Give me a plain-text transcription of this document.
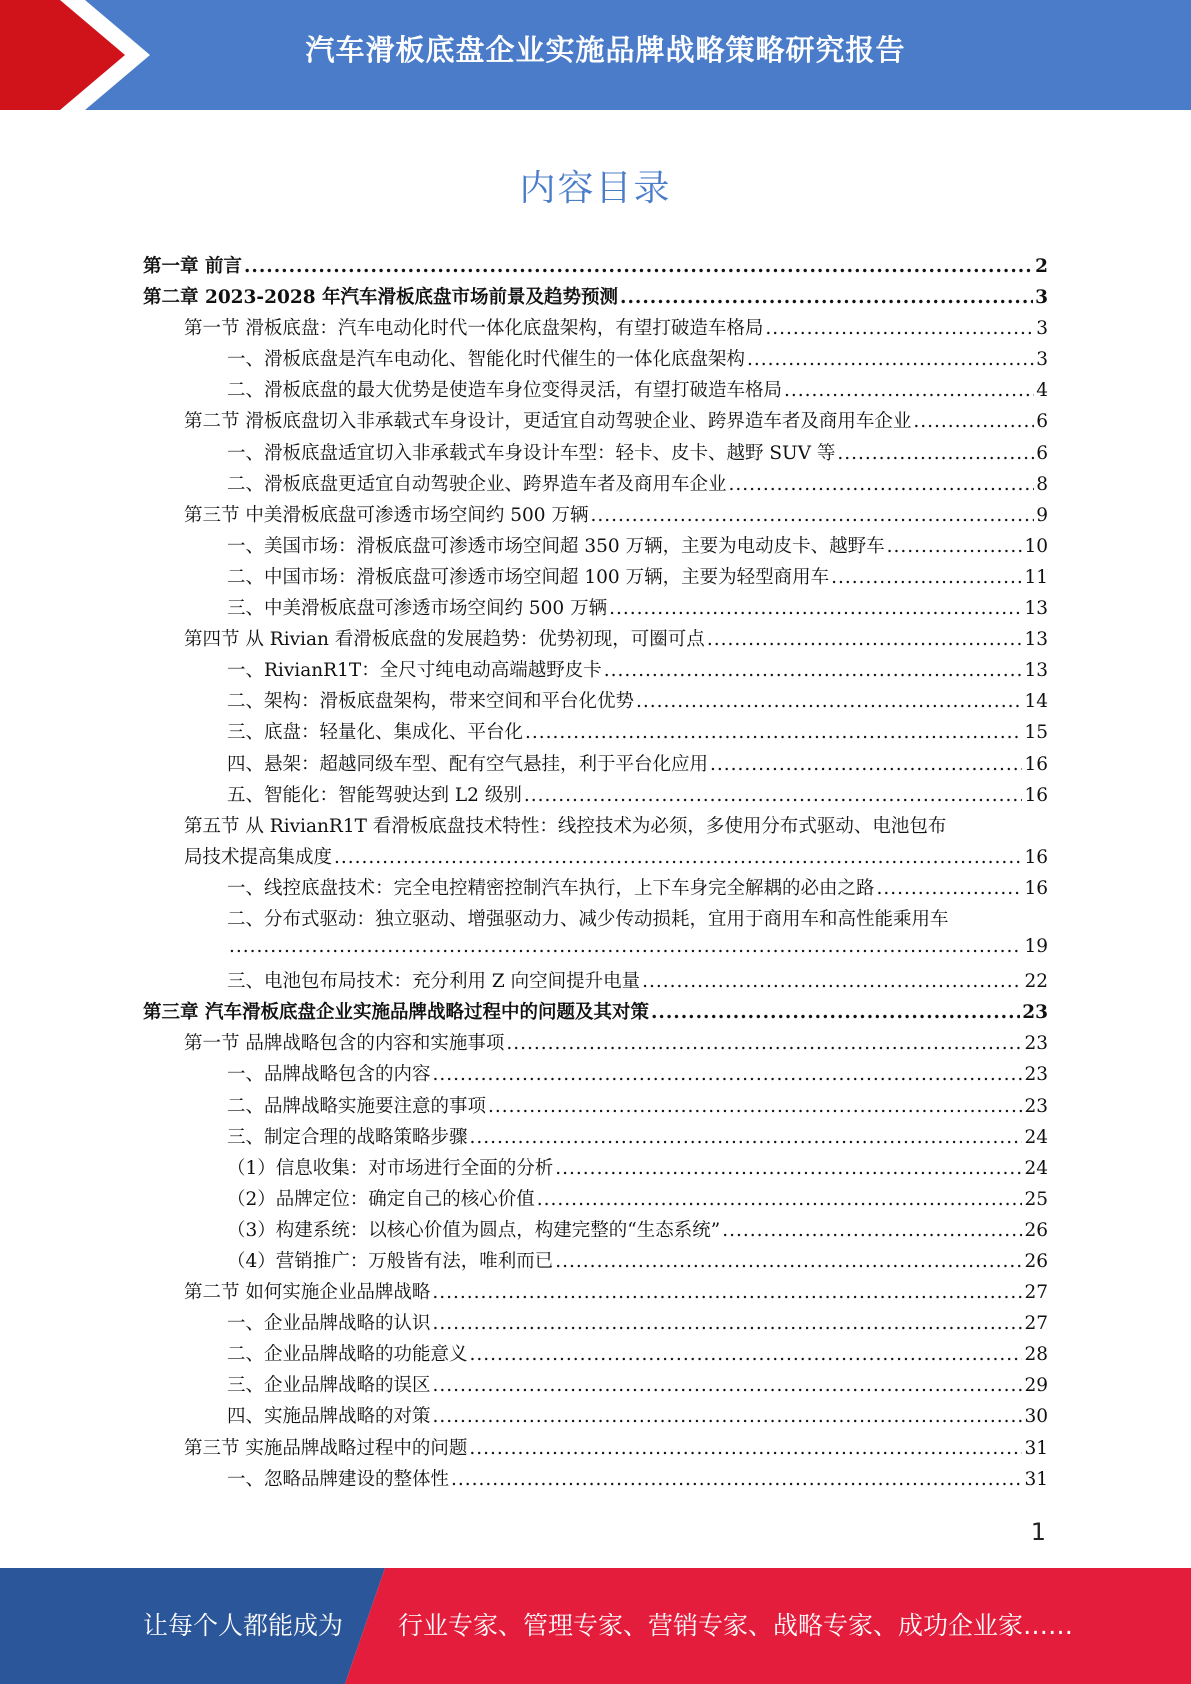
汽车滑板底盘企业实施品牌战略策略研究报告
内容目录
第一章 前言 .....	2
第二章 2023-2028 年汽车滑板底盘市场前景及趋势预测 .....	3
第一节 滑板底盘：汽车电动化时代一体化底盘架构，有望打破造车格局 .....	3
一、滑板底盘是汽车电动化、智能化时代催生的一体化底盘架构 .....	3
二、滑板底盘的最大优势是使造车身位变得灵活，有望打破造车格局 .....	4
第二节 滑板底盘切入非承载式车身设计，更适宜自动驾驶企业、跨界造车者及商用车企业 .....	6
一、滑板底盘适宜切入非承载式车身设计车型：轻卡、皮卡、越野 SUV 等 .....	6
二、滑板底盘更适宜自动驾驶企业、跨界造车者及商用车企业 .....	8
第三节 中美滑板底盘可渗透市场空间约 500 万辆 .....	9
一、美国市场：滑板底盘可渗透市场空间超 350 万辆，主要为电动皮卡、越野车 .....	10
二、中国市场：滑板底盘可渗透市场空间超 100 万辆，主要为轻型商用车 .....	11
三、中美滑板底盘可渗透市场空间约 500 万辆 .....	13
第四节 从 Rivian 看滑板底盘的发展趋势：优势初现，可圈可点 .....	13
一、RivianR1T：全尺寸纯电动高端越野皮卡 .....	13
二、架构：滑板底盘架构，带来空间和平台化优势 .....	14
三、底盘：轻量化、集成化、平台化 .....	15
四、悬架：超越同级车型、配有空气悬挂，利于平台化应用 .....	16
五、智能化：智能驾驶达到 L2 级别 .....	16
第五节 从 RivianR1T 看滑板底盘技术特性：线控技术为必须，多使用分布式驱动、电池包布
局技术提高集成度 .....	16
一、线控底盘技术：完全电控精密控制汽车执行，上下车身完全解耦的必由之路 .....	16
二、分布式驱动：独立驱动、增强驱动力、减少传动损耗，宜用于商用车和高性能乘用车
.....
19
三、电池包布局技术：充分利用 Z 向空间提升电量 .....	22
第三章 汽车滑板底盘企业实施品牌战略过程中的问题及其对策 .....	23
第一节 品牌战略包含的内容和实施事项 .....	23
一、品牌战略包含的内容 .....	23
二、品牌战略实施要注意的事项 .....	23
三、制定合理的战略策略步骤 .....	24
（1）信息收集：对市场进行全面的分析 .....	24
（2）品牌定位：确定自己的核心价值 .....	25
（3）构建系统：以核心价值为圆点，构建完整的“生态系统” .....	26
（4）营销推广：万般皆有法，唯利而已 .....	26
第二节 如何实施企业品牌战略 .....	27
一、企业品牌战略的认识 .....	27
二、企业品牌战略的功能意义 .....	28
三、企业品牌战略的误区 .....	29
四、实施品牌战略的对策 .....	30
第三节 实施品牌战略过程中的问题 .....	31
一、忽略品牌建设的整体性 .....	31
1
让每个人都能成为 行业专家、管理专家、营销专家、战略专家、成功企业家……
